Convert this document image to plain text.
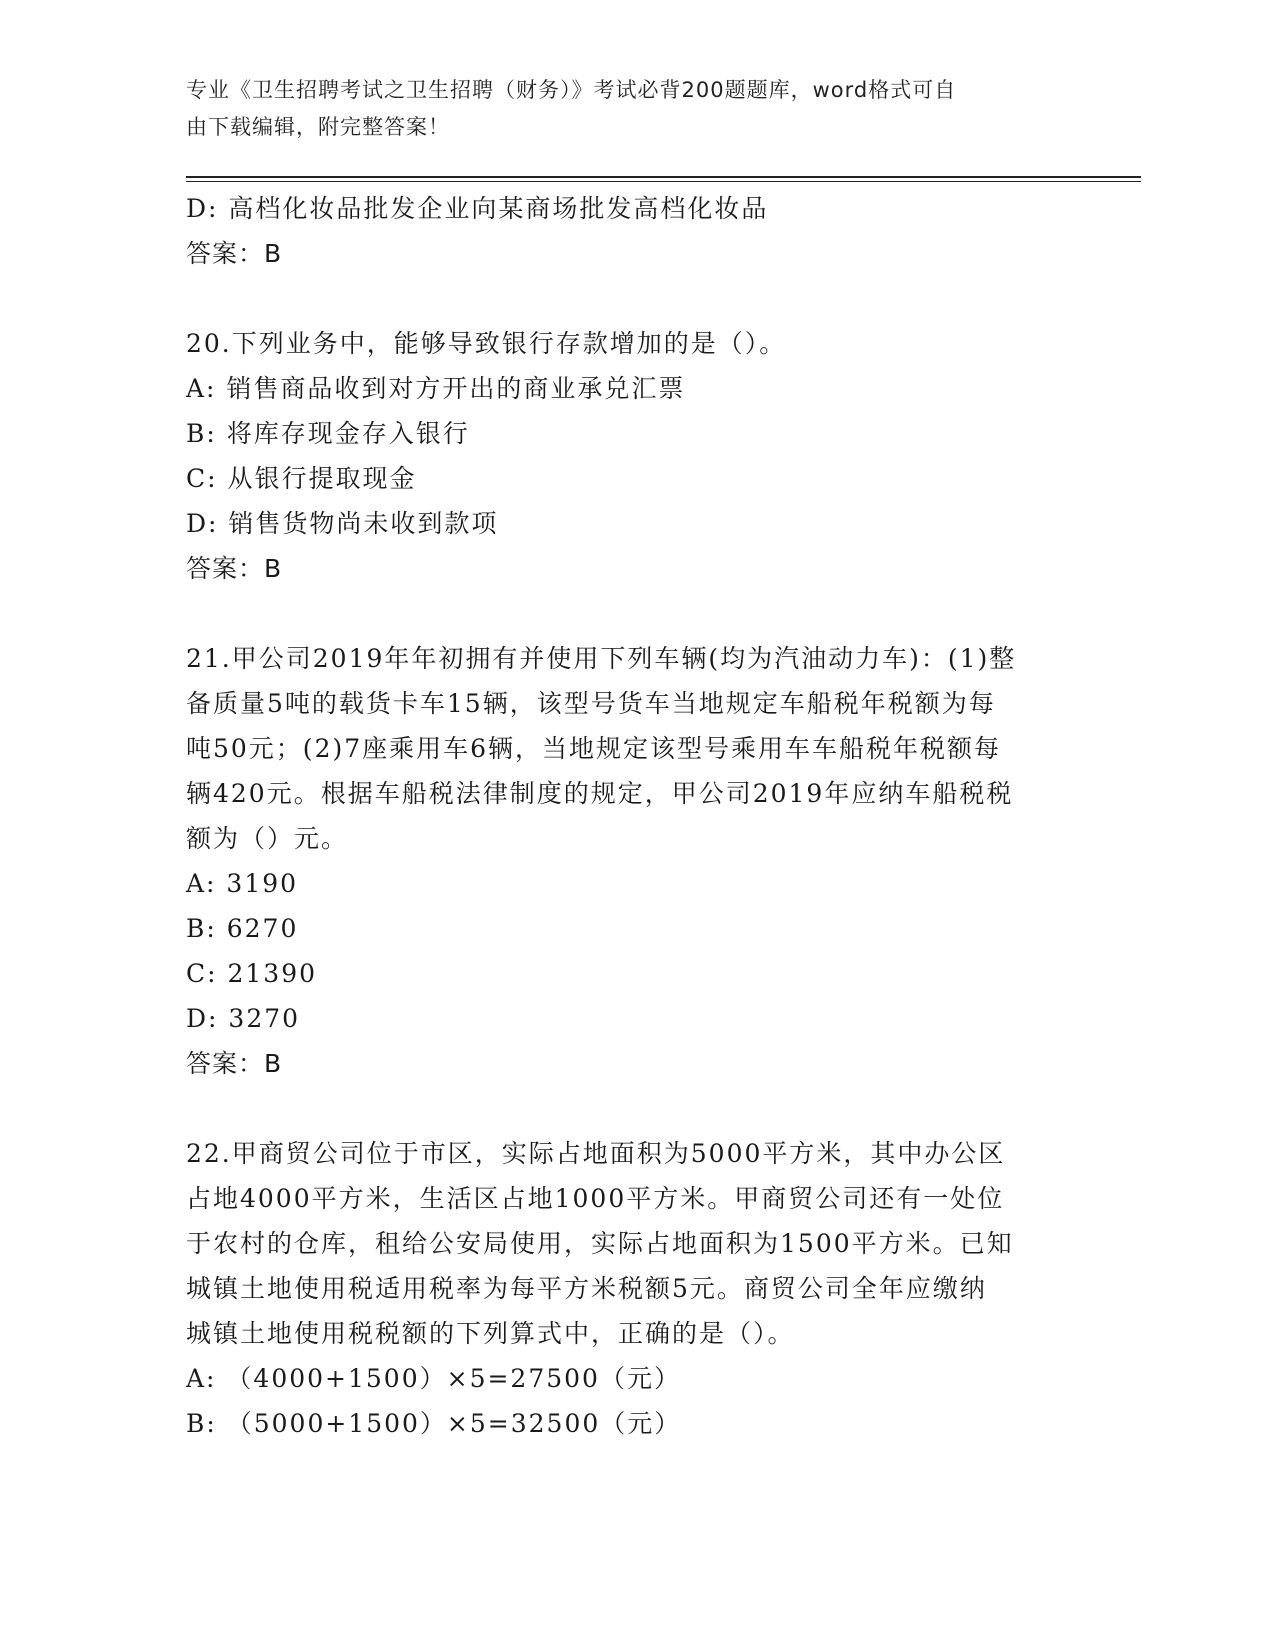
专业《卫生招聘考试之卫生招聘（财务）》考试必背200题题库，word格式可自
由下载编辑，附完整答案！
D: 高档化妆品批发企业向某商场批发高档化妆品
答案：B
20.下列业务中，能够导致银行存款增加的是（）。
A: 销售商品收到对方开出的商业承兑汇票
B: 将库存现金存入银行
C: 从银行提取现金
D: 销售货物尚未收到款项
答案：B
21.甲公司2019年年初拥有并使用下列车辆(均为汽油动力车)：(1)整
备质量5吨的载货卡车15辆，该型号货车当地规定车船税年税额为每
吨50元；(2)7座乘用车6辆，当地规定该型号乘用车车船税年税额每
辆420元。根据车船税法律制度的规定，甲公司2019年应纳车船税税
额为（）元。
A: 3190
B: 6270
C: 21390
D: 3270
答案：B
22.甲商贸公司位于市区，实际占地面积为5000平方米，其中办公区
占地4000平方米，生活区占地1000平方米。甲商贸公司还有一处位
于农村的仓库，租给公安局使用，实际占地面积为1500平方米。已知
城镇土地使用税适用税率为每平方米税额5元。商贸公司全年应缴纳
城镇土地使用税税额的下列算式中，正确的是（）。
A: （4000+1500）×5=27500（元）
B: （5000+1500）×5=32500（元）
